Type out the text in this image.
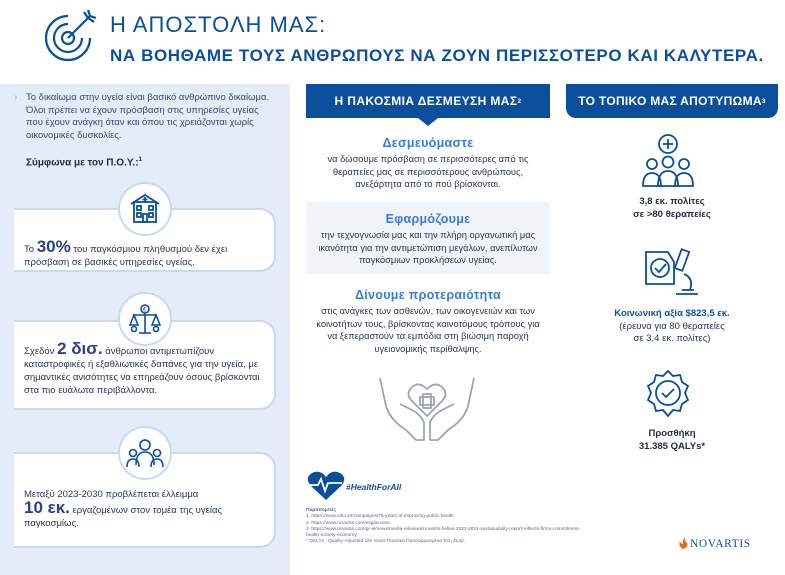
Η ΑΠΟΣΤΟΛΗ ΜΑΣ:
ΝΑ ΒΟΗΘΑΜΕ ΤΟΥΣ ΑΝΘΡΩΠΟΥΣ ΝΑ ΖΟΥΝ ΠΕΡΙΣΣΟΤΕΡΟ ΚΑΙ ΚΑΛΥΤΕΡΑ.
› Το δικαίωμα στην υγεία είναι βασικό ανθρώπινο δικαίωμα. Όλοι πρέπει να έχουν πρόσβαση στις υπηρεσίες υγείας που έχουν ανάγκη όταν και όπου τις χρειάζονται χωρίς οικονομικές δυσκολίες.
Σύμφωνα με τον Π.Ο.Υ.:$^1$
Το 30% του παγκόσμιου πληθυσμού δεν έχει πρόσβαση σε βασικές υπηρεσίες υγείας.
Σχεδόν 2 δισ. άνθρωποι αντιμετωπίζουν καταστροφικές ή εξαθλιωτικές δαπάνες για την υγεία, με σημαντικές ανισότητες να επηρεάζουν όσους βρίσκονται στα πιο ευάλωτα περιβάλλοντα.
€
Μεταξύ 2023-2030 προβλέπεται έλλειμμα
10 εκ. εργαζομένων στον τομέα της υγείας παγκοσμίως.
Η ΠΑΚΟΣΜΙΑ ΔΕΣΜΕΥΣΗ ΜΑΣ 2
Δεσμευόμαστε

να δώσουμε πρόσβαση σε περισσότερες από τις θεραπείες μας σε περισσότερους ανθρώπους, ανεξάρτητα από το πού βρίσκονται.

Εφαρμόζουμε

την τεχνογνωσία μας και την πλήρη οργανωτική μας ικανότητα για την αντιμετώπιση μεγάλων, ανεπίλυτων παγκόσμιων προκλήσεων υγείας.

Δίνουμε προτεραιότητα

στις ανάγκες των ασθενών, των οικογενειών και των κοινοτήτων τους, βρίσκοντας καινοτόμους τρόπους για να ξεπεραστούν τα εμπόδια στη βιώσιμη παροχή υγειονομικής περίθαλψης.

ΤΟ ΤΟΠΙΚΟ ΜΑΣ ΑΠΟΤΥΠΩΜΑ 3
3,8 εκ. πολίτες
σε >80 θεραπείες
Κοινωνική αξία $823,5 εκ.
(έρευνα για 80 θεραπείες
σε 3,4 εκ. πολίτες)
Προσθήκη
31.385 QALYs*
#HealthForAll
Παραπομπές
1. https://www.who.int/campaigns/75-years-of-improving-public-health
2. https://www.novartis.com/esg/access
3. https://www.novartis.com/gr-el/news/media-releases/novartis-hellas-2022-2021-sustainability-report-reflects-firms-commitment-health-society-economy
* QALYs : Quality-Adjusted Life Years Ποιοτικά Προσαρμοσμένα Έτη Ζωής	NOVARTIS
